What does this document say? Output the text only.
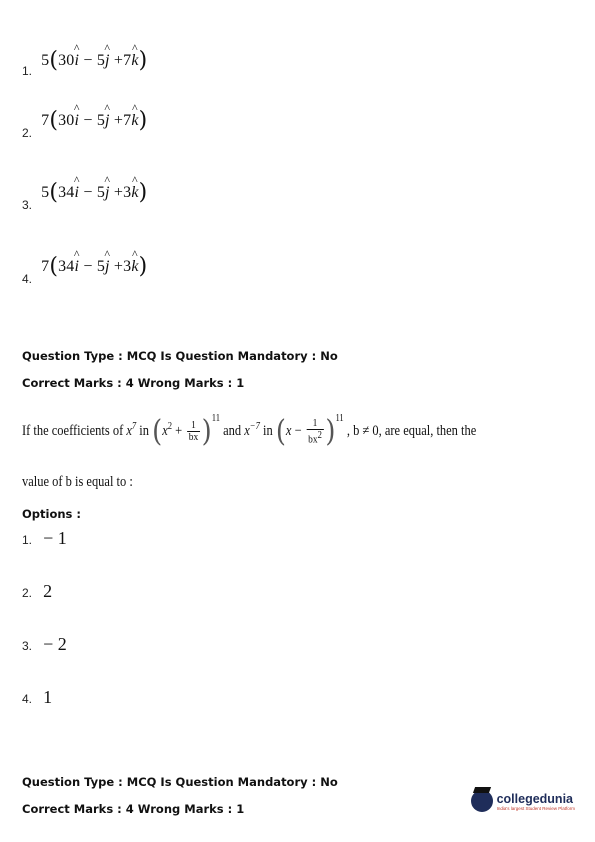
$_{1.}$ 5(30^ i − 5^ j +7^ k)
$_{2.}$ 7(30^ i − 5^ j +7^ k)
$_{3.}$ 5(34^ i − 5^ j +3^ k)
$_{4.}$ 7(34^ i − 5^ j +3^ k)
Question Type : MCQ Is Question Mandatory : No
Correct Marks : 4 Wrong Marks : 1
If the coefficients of $x^7$ in $(x^2 + \frac{1}{bx} )^{11}$ and $x^{-7}$ in $(x - \frac{1}{bx^2} )^{11}$ , b ≠ 0, are equal, then the
value of b is equal to :
Options :
1. − 1
2. 2
3. − 2
4. 1
Question Type : MCQ Is Question Mandatory : No
Correct Marks : 4 Wrong Marks : 1
collegedunia
India's largest Student Review Platform
